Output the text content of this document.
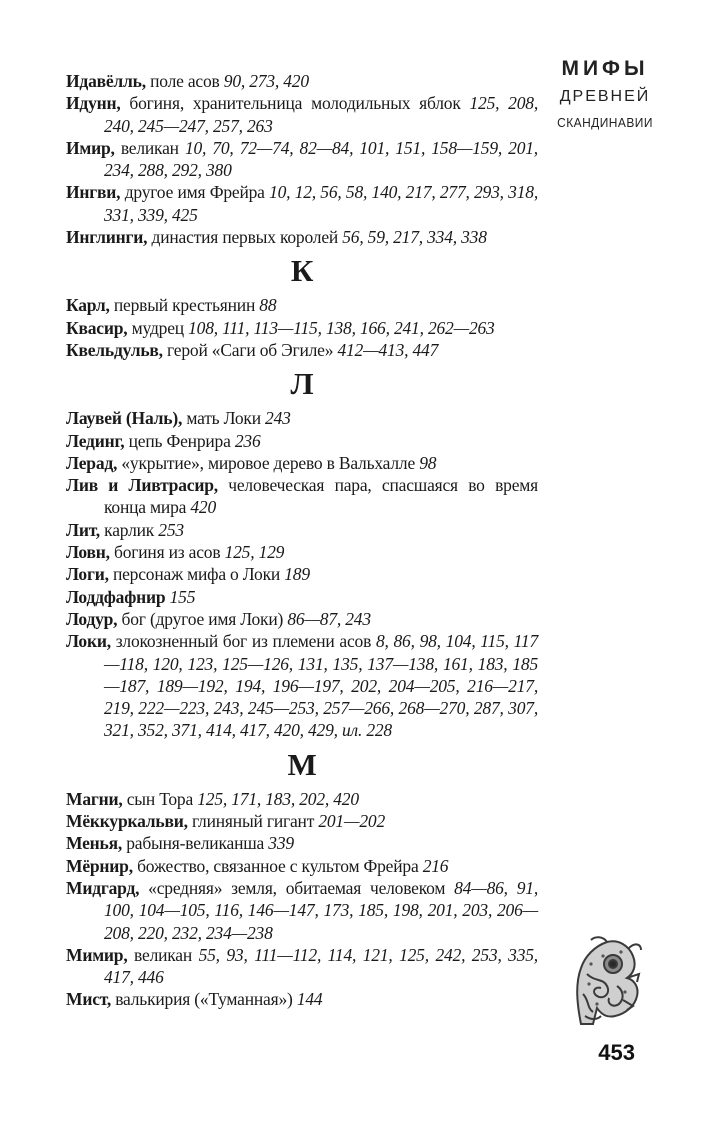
МИФЫ
ДРЕВНЕЙ
СКАНДИНАВИИ

Идавёлль, поле асов 90, 273, 420

Идунн, богиня, хранительница молодильных яблок 125, 208, 240, 245—247, 257, 263

Имир, великан 10, 70, 72—74, 82—84, 101, 151, 158—159, 201, 234, 288, 292, 380

Ингви, другое имя Фрейра 10, 12, 56, 58, 140, 217, 277, 293, 318, 331, 339, 425

Инглинги, династия первых королей 56, 59, 217, 334, 338

К

Карл, первый крестьянин 88

Квасир, мудрец 108, 111, 113—115, 138, 166, 241, 262—263

Квельдульв, герой «Саги об Эгиле» 412—413, 447

Л

Лаувей (Наль), мать Локи 243

Лединг, цепь Фенрира 236

Лерад, «укрытие», мировое дерево в Вальхалле 98

Лив и Ливтрасир, человеческая пара, спасшаяся во время конца мира 420

Лит, карлик 253

Ловн, богиня из асов 125, 129

Логи, персонаж мифа о Локи 189

Лоддфафнир 155

Лодур, бог (другое имя Локи) 86—87, 243

Локи, злокозненный бог из племени асов 8, 86, 98, 104, 115, 117—118, 120, 123, 125—126, 131, 135, 137—138, 161, 183, 185—187, 189—192, 194, 196—197, 202, 204—205, 216—217, 219, 222—223, 243, 245—253, 257—266, 268—270, 287, 307, 321, 352, 371, 414, 417, 420, 429, ил. 228

М

Магни, сын Тора 125, 171, 183, 202, 420

Мёккуркальви, глиняный гигант 201—202

Менья, рабыня-великанша 339

Мёрнир, божество, связанное с культом Фрейра 216

Мидгард, «средняя» земля, обитаемая человеком 84—86, 91, 100, 104—105, 116, 146—147, 173, 185, 198, 201, 203, 206—208, 220, 232, 234—238

Мимир, великан 55, 93, 111—112, 114, 121, 125, 242, 253, 335, 417, 446

Мист, валькирия («Туманная») 144

453
